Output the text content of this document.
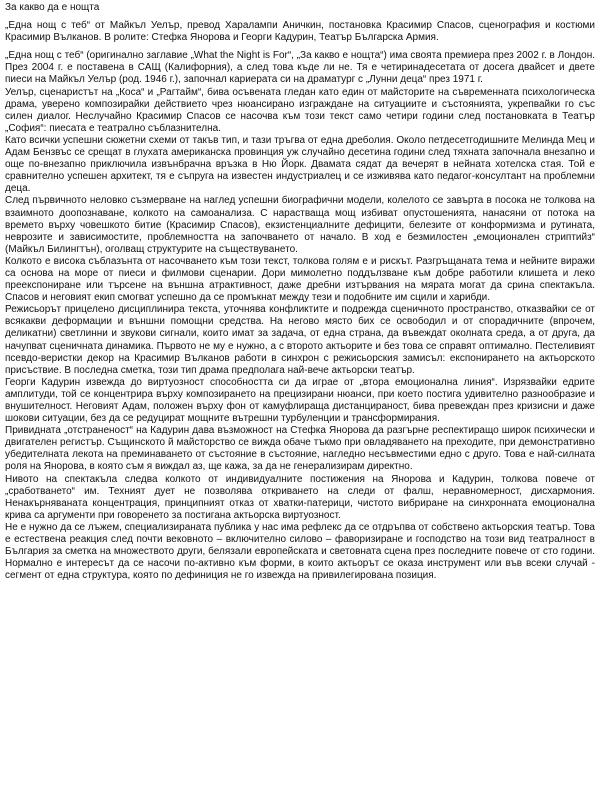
За какво да е нощта

„Една нощ с теб“ от Майкъл Уелър, превод Харалампи Аничкин, постановка Красимир Спасов, сценография и костюми Красимир Вълканов. В ролите: Стефка Янорова и Георги Кадурин, Театър Българска Армия.

„Една нощ с теб“ (оригинално заглавие „What the Night is For“, „За какво е нощта“) има своята премиера през 2002 г. в Лондон. През 2004 г. е поставена в САЩ (Калифорния), а след това къде ли не. Тя е четиринадесетата от досега двайсет и двете пиеси на Майкъл Уелър (род. 1946 г.), започнал кариерата си на драматург с „Лунни деца“ през 1971 г.

Уелър, сценаристът на „Коса“ и „Рагтайм“, бива осъвената гледан като един от майсторите на съвременната психологическа драма, уверено композирайки действието чрез нюансирано изграждане на ситуациите и състоянията, укрепвайки го със силен диалог. Неслучайно Красимир Спасов се насочва към този текст само четири години след постановката в Театър „София“: пиесата е театрално съблазнителна.

Като всички успешни сюжетни схеми от такъв тип, и тази тръгва от една дреболия. Около петдесетгодишните Мелинда Мец и Адам Бензвъс се срещат в глухата американска провинция уж случайно десетина години след тяхната започнала внезапно и още по-внезапно приключила извънбрачна връзка в Ню Йорк. Двамата сядат да вечерят в нейната хотелска стая. Той е сравнително успешен архитект, тя е съпруга на известен индустриалец и се изживява като педагог-консултант на проблемни деца.

След първичното неловко съзмерване на наглед успешни биографични модели, колелото се завърта в посока не толкова на взаимното доопознаване, колкото на самоанализа. С нарастваща мощ избиват опустошенията, нанасяни от потока на времето върху човешкото битие (Красимир Спасов), екзистенциалните дефицити, белезите от конформизма и рутината, неврозите и зависимостите, проблемността на започването от начало. В ход е безмилостен „емоционален стриптийз“ (Майкъл Билингтън), оголващ структурите на съществуването.

Колкото е висока съблазънта от насочването към този текст, толкова голям е и рискът. Разгръщаната тема и нейните виражи са основа на море от пиеси и филмови сценарии. Дори мимолетно поддълзване към добре работили клишета и леко преекспониране или търсене на външна атрактивност, даже дребни изтървания на мярата могат да срина спектакъла. Спасов и неговият екип смогват успешно да се промъкнат между тези и подобните им сцили и харибди.

Режисьорът прицелено дисциплинира текста, уточнява конфликтите и подрежда сценичното пространство, отказвайки се от всякакви деформации и външни помощни средства. На негово място бих се освободил и от спорадичните (впрочем, деликатни) светлинни и звукови сигнали, които имат за задача, от една страна, да въвеждат околната среда, а от друга, да начупват сценичната динамика. Първото не му е нужно, а с второто актьорите и без това се справят оптимално. Пестеливият псевдо-веристки декор на Красимир Вълканов работи в синхрон с режисьорския замисъл: експонирането на актьорското присъствие. В последна сметка, този тип драма предполага най-вече актьорски театър.

Георги Кадурин извежда до виртуозност способността си да играе от „втора емоционална линия“. Изрязвайки едрите амплитуди, той се концентрира върху композирането на прецизирани нюанси, при което постига удивително разнообразие и внушителност. Неговият Адам, положен върху фон от камуфлираща дистанцираност, бива превеждан през кризисни и даже шокови ситуации, без да се редуцират мощните вътрешни турбуленции и трансформирания.

Привидната „отстраненост“ на Кадурин дава възможност на Стефка Янорова да разгърне респектиращо широк психически и двигателен регистър. Същинското й майсторство се вижда обаче тъкмо при овладяването на преходите, при демонстративно убедителната лекота на преминаването от състояние в състояние, нагледно несъвместими едно с друго. Това е най-силната роля на Янорова, в която съм я виждал аз, ще кажа, за да не генерализирам директно.

Нивото на спектакъла следва колкото от индивидуалните постижения на Янорова и Кадурин, толкова повече от „сработването“ им. Техният дует не позволява откриването на следи от фалш, неравномерност, дисхармония. Ненакърняваната концентрация, принципният отказ от хватки-патерици, чистото вибриране на синхронната емоционална крива са аргументи при говоренето за постигана актьорска виртуозност.

Не е нужно да се лъжем, специализираната публика у нас има рефлекс да се отдръпва от собствено актьорския театър. Това е естествена реакция след почти вековното – включително силово – фаворизиране и господство на този вид театралност в България за сметка на множеството други, белязали европейската и световната сцена през последните повече от сто години. Нормално е интересът да се насочи по-активно към форми, в които актьорът се оказа инструмент или във всеки случай - сегмент от една структура, която по дефиниция не го извежда на привилегирована позиция.
